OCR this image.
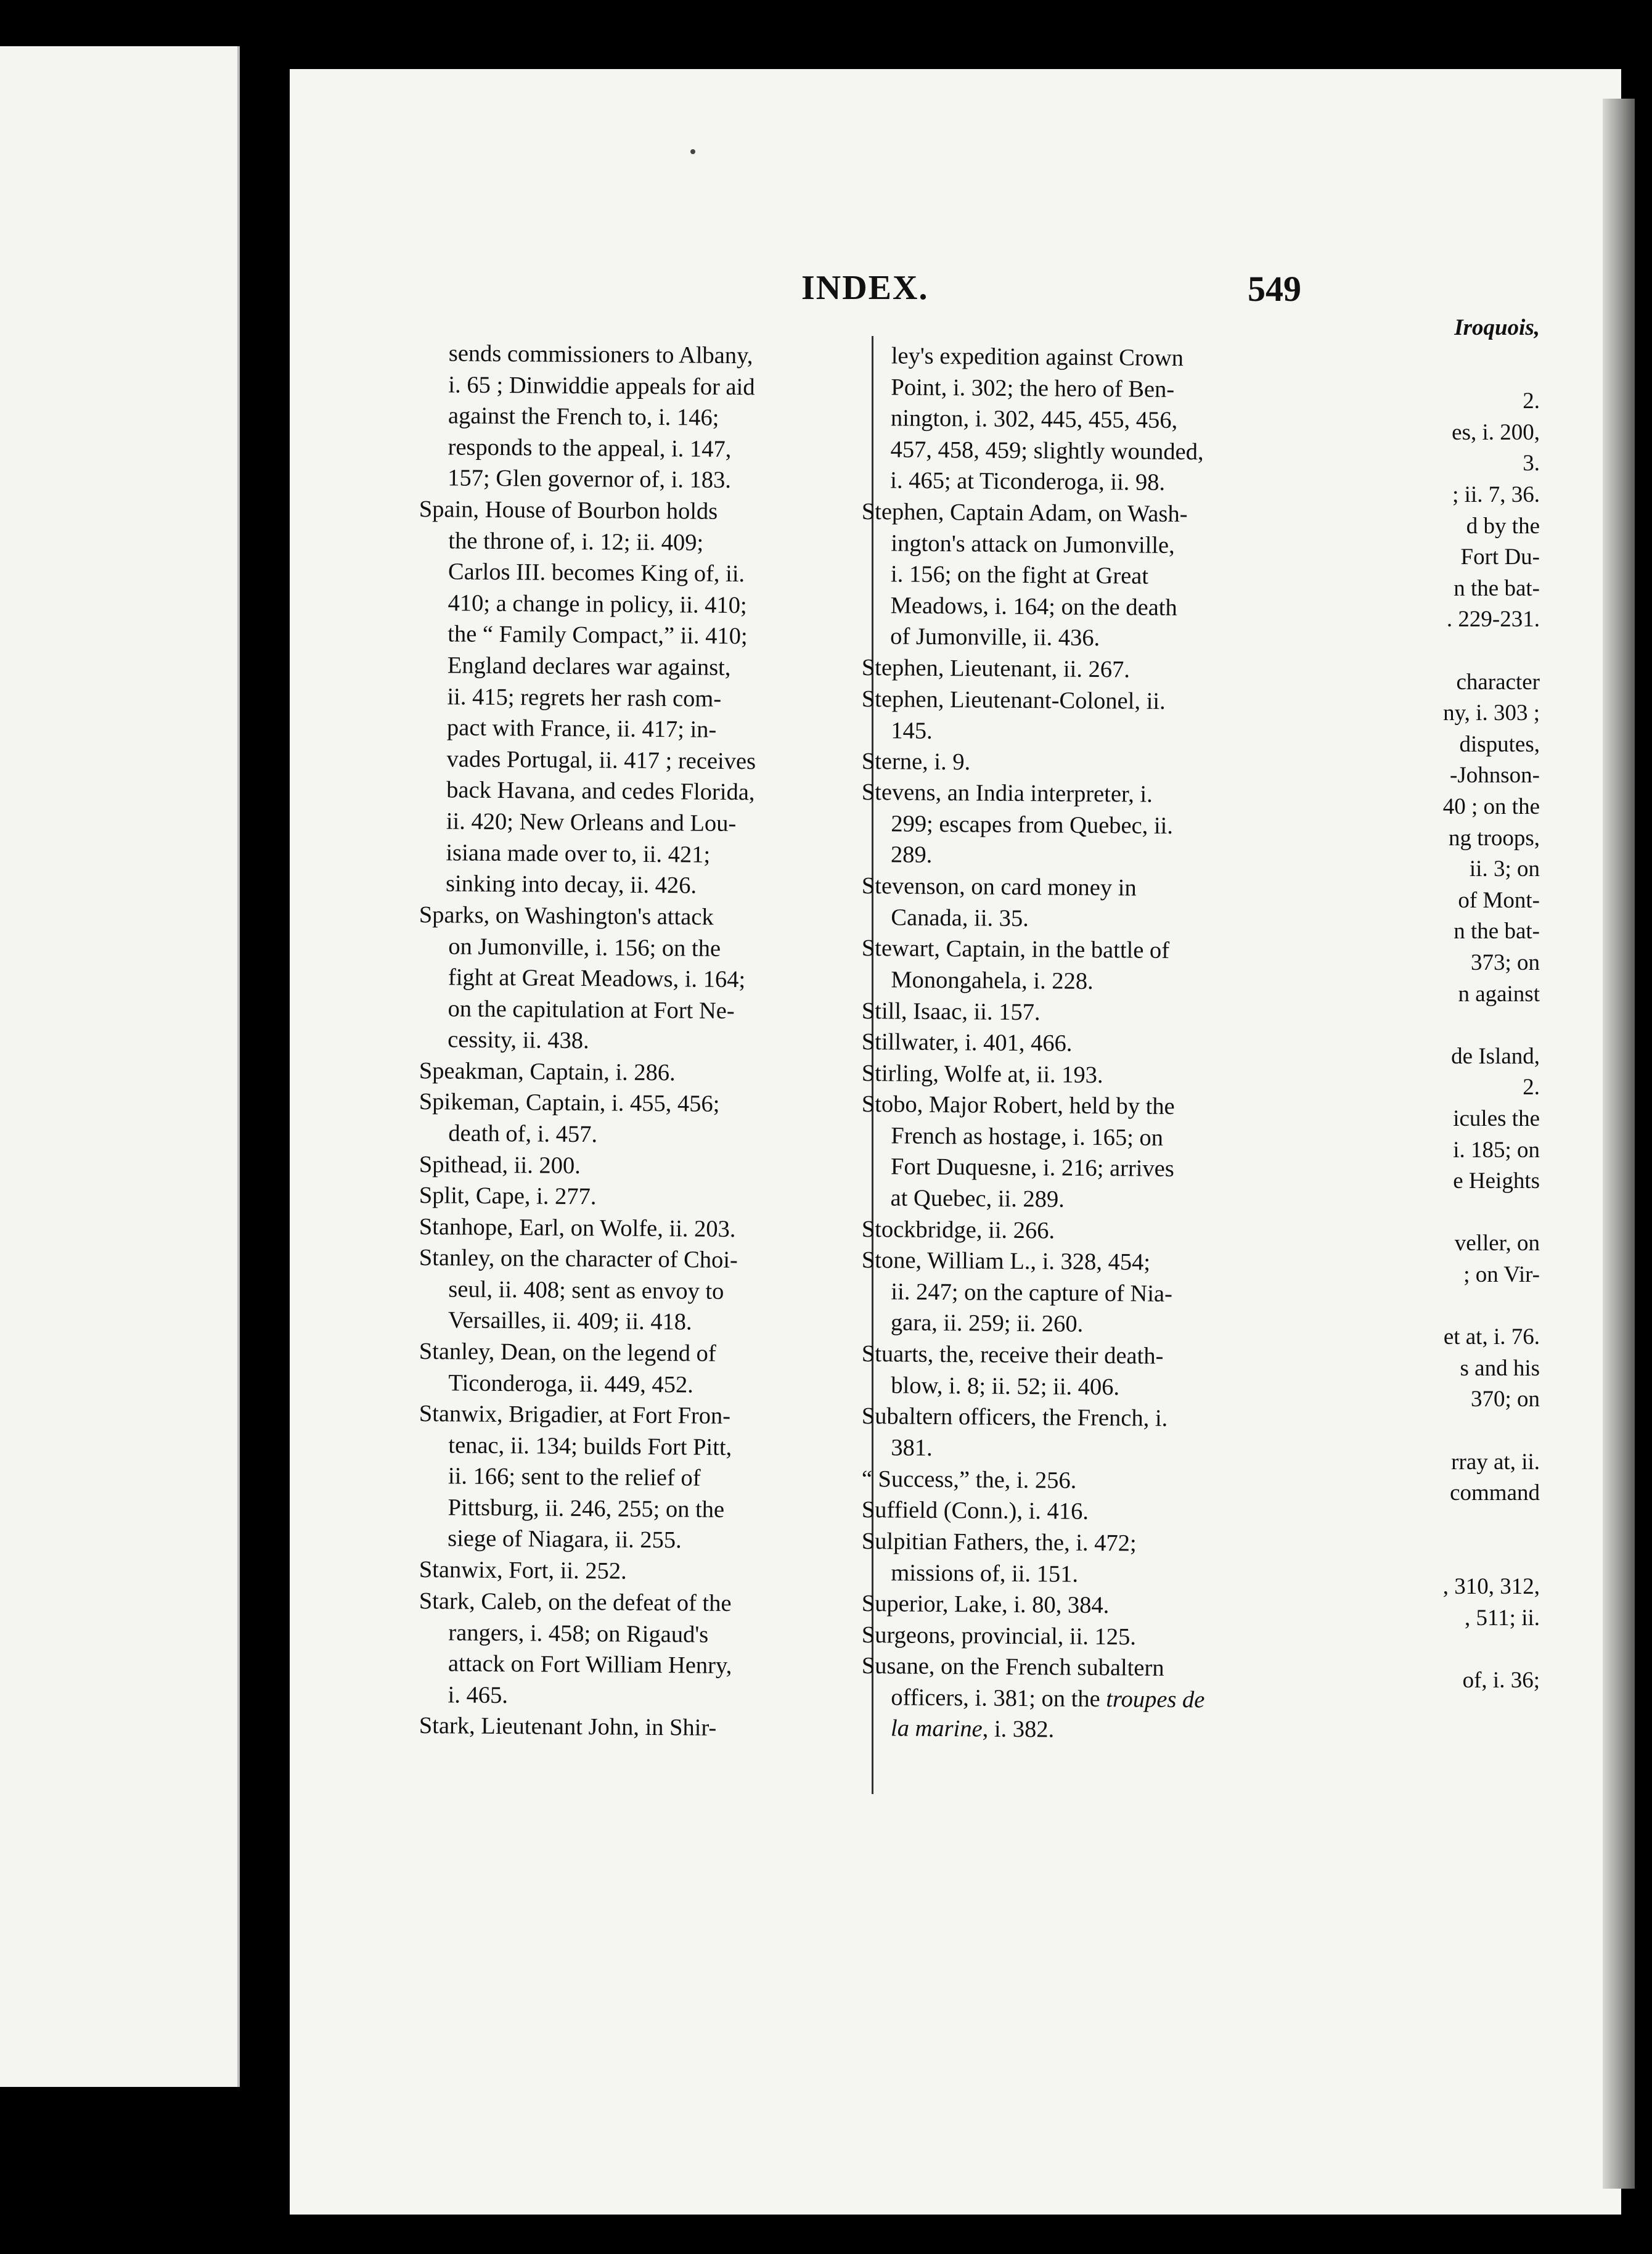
INDEX.	549
Iroquois,
2.
es, i. 200,
3.
; ii. 7, 36.
d by the
Fort Du-
n the bat-
. 229-231.
character
ny, i. 303 ;
disputes,
-Johnson-
40 ; on the
ng troops,
ii. 3; on
of Mont-
n the bat-
373; on
n against
de Island,
2.
icules the
i. 185; on
e Heights
veller, on
; on Vir-
et at, i. 76.
s and his
370; on
rray at, ii.
command
, 310, 312,
, 511; ii.
of, i. 36;
sends commissioners to Albany,
i. 65 ; Dinwiddie appeals for aid
against the French to, i. 146;
responds to the appeal, i. 147,
157; Glen governor of, i. 183.
Spain, House of Bourbon holds
the throne of, i. 12; ii. 409;
Carlos III. becomes King of, ii.
410; a change in policy, ii. 410;
the “ Family Compact,” ii. 410;
England declares war against,
ii. 415; regrets her rash com-
pact with France, ii. 417; in-
vades Portugal, ii. 417 ; receives
back Havana, and cedes Florida,
ii. 420; New Orleans and Lou-
isiana made over to, ii. 421;
sinking into decay, ii. 426.
Sparks, on Washington's attack
on Jumonville, i. 156; on the
fight at Great Meadows, i. 164;
on the capitulation at Fort Ne-
cessity, ii. 438.
Speakman, Captain, i. 286.
Spikeman, Captain, i. 455, 456;
death of, i. 457.
Spithead, ii. 200.
Split, Cape, i. 277.
Stanhope, Earl, on Wolfe, ii. 203.
Stanley, on the character of Choi-
seul, ii. 408; sent as envoy to
Versailles, ii. 409; ii. 418.
Stanley, Dean, on the legend of
Ticonderoga, ii. 449, 452.
Stanwix, Brigadier, at Fort Fron-
tenac, ii. 134; builds Fort Pitt,
ii. 166; sent to the relief of
Pittsburg, ii. 246, 255; on the
siege of Niagara, ii. 255.
Stanwix, Fort, ii. 252.
Stark, Caleb, on the defeat of the
rangers, i. 458; on Rigaud's
attack on Fort William Henry,
i. 465.
Stark, Lieutenant John, in Shir-
ley's expedition against Crown
Point, i. 302; the hero of Ben-
nington, i. 302, 445, 455, 456,
457, 458, 459; slightly wounded,
i. 465; at Ticonderoga, ii. 98.
Stephen, Captain Adam, on Wash-
ington's attack on Jumonville,
i. 156; on the fight at Great
Meadows, i. 164; on the death
of Jumonville, ii. 436.
Stephen, Lieutenant, ii. 267.
Stephen, Lieutenant-Colonel, ii.
145.
Sterne, i. 9.
Stevens, an India interpreter, i.
299; escapes from Quebec, ii.
289.
Stevenson, on card money in
Canada, ii. 35.
Stewart, Captain, in the battle of
Monongahela, i. 228.
Still, Isaac, ii. 157.
Stillwater, i. 401, 466.
Stirling, Wolfe at, ii. 193.
Stobo, Major Robert, held by the
French as hostage, i. 165; on
Fort Duquesne, i. 216; arrives
at Quebec, ii. 289.
Stockbridge, ii. 266.
Stone, William L., i. 328, 454;
ii. 247; on the capture of Nia-
gara, ii. 259; ii. 260.
Stuarts, the, receive their death-
blow, i. 8; ii. 52; ii. 406.
Subaltern officers, the French, i.
381.
“ Success,” the, i. 256.
Suffield (Conn.), i. 416.
Sulpitian Fathers, the, i. 472;
missions of, ii. 151.
Superior, Lake, i. 80, 384.
Surgeons, provincial, ii. 125.
Susane, on the French subaltern
officers, i. 381; on the troupes de
la marine, i. 382.
